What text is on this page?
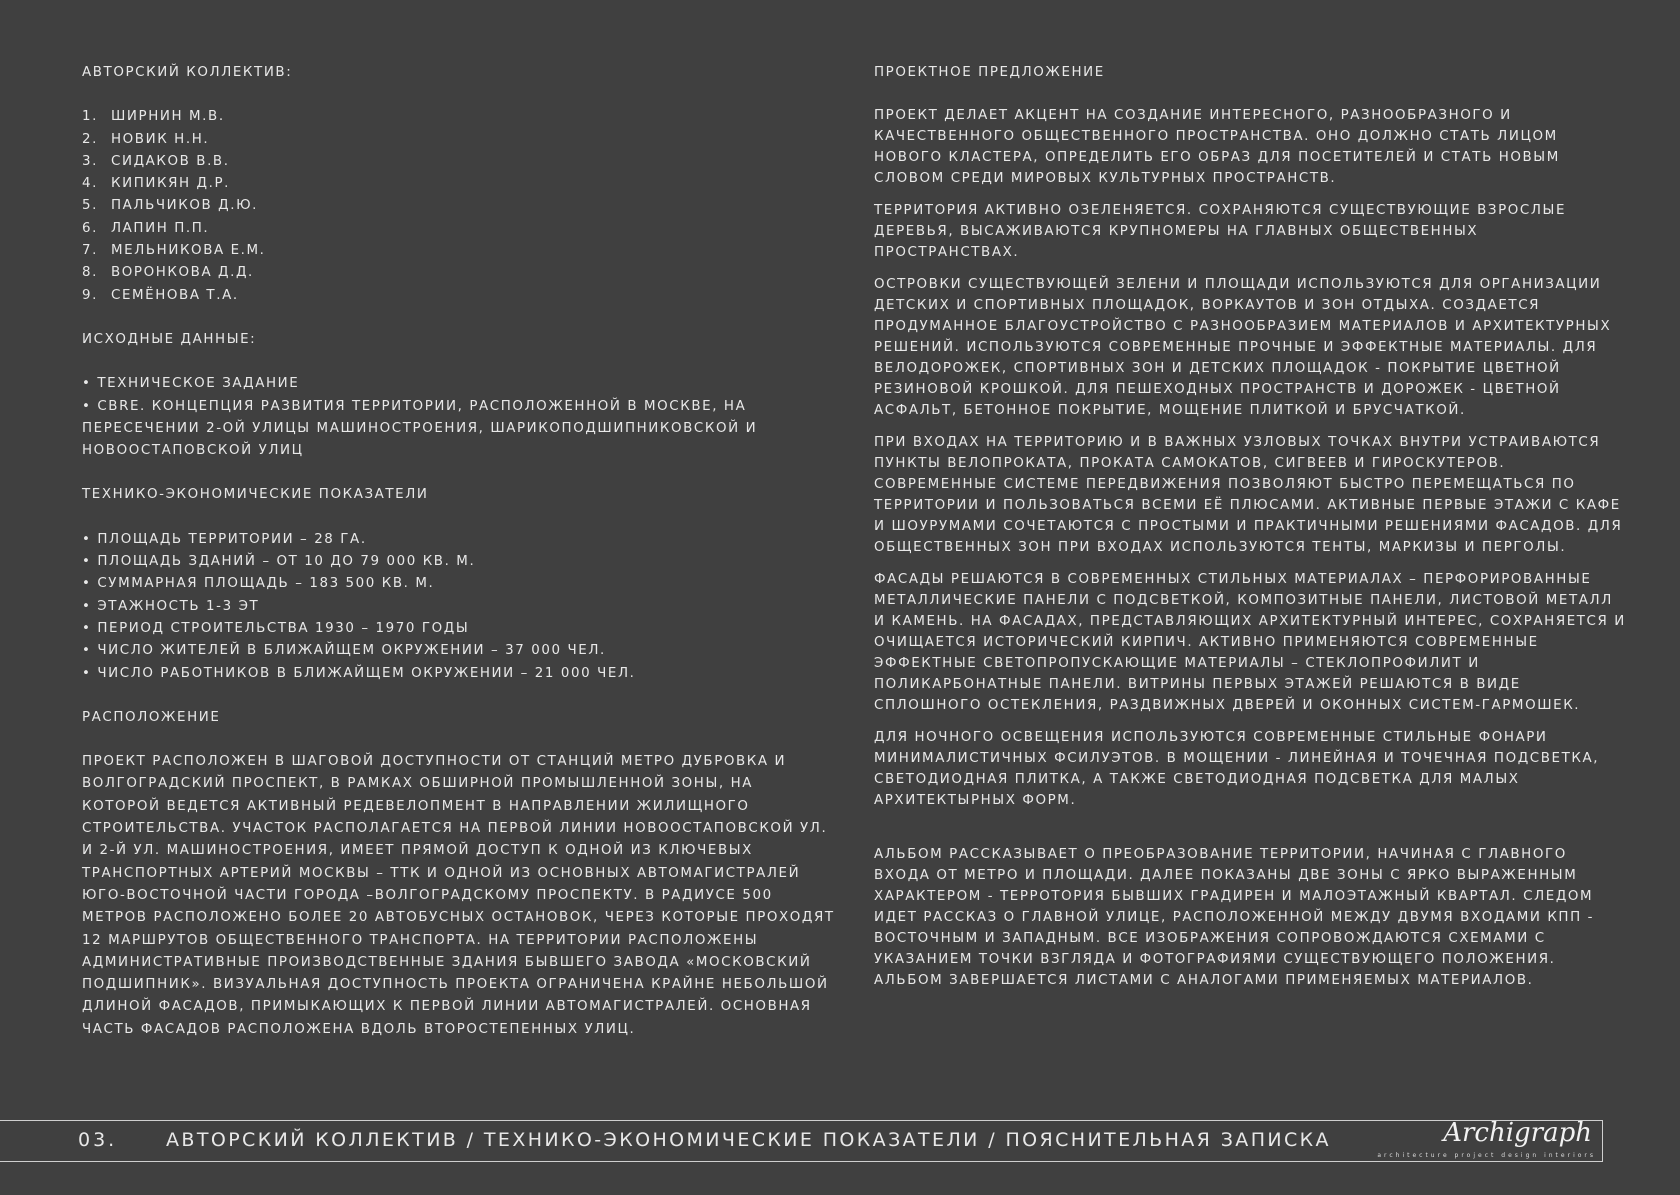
АВТОРСКИЙ КОЛЛЕКТИВ:

1. ШИРНИН М.В.
2. НОВИК Н.Н.
3. СИДАКОВ В.В.
4. КИПИКЯН Д.Р.
5. ПАЛЬЧИКОВ Д.Ю.
6. ЛАПИН П.П.
7. МЕЛЬНИКОВА Е.М.
8. ВОРОНКОВА Д.Д.
9. СЕМЁНОВА Т.А.

ИСХОДНЫЕ ДАННЫЕ:

• ТЕХНИЧЕСКОЕ ЗАДАНИЕ
• CBRE. КОНЦЕПЦИЯ РАЗВИТИЯ ТЕРРИТОРИИ, РАСПОЛОЖЕННОЙ В МОСКВЕ, НА ПЕРЕСЕЧЕНИИ 2-ОЙ УЛИЦЫ МАШИНОСТРОЕНИЯ, ШАРИКОПОДШИПНИКОВСКОЙ И НОВООСТАПОВСКОЙ УЛИЦ

ТЕХНИКО-ЭКОНОМИЧЕСКИЕ ПОКАЗАТЕЛИ

• ПЛОЩАДЬ ТЕРРИТОРИИ – 28 ГА.
• ПЛОЩАДЬ ЗДАНИЙ – ОТ 10 ДО 79 000 КВ. М.
• СУММАРНАЯ ПЛОЩАДЬ – 183 500 КВ. М.
• ЭТАЖНОСТЬ 1-3 ЭТ
• ПЕРИОД СТРОИТЕЛЬСТВА 1930 – 1970 ГОДЫ
• ЧИСЛО ЖИТЕЛЕЙ В БЛИЖАЙЩЕМ ОКРУЖЕНИИ – 37 000 ЧЕЛ.
• ЧИСЛО РАБОТНИКОВ В БЛИЖАЙЩЕМ ОКРУЖЕНИИ – 21 000 ЧЕЛ.

РАСПОЛОЖЕНИЕ

ПРОЕКТ РАСПОЛОЖЕН В ШАГОВОЙ ДОСТУПНОСТИ ОТ СТАНЦИЙ МЕТРО ДУБРОВКА И ВОЛГОГРАДСКИЙ ПРОСПЕКТ, В РАМКАХ ОБШИРНОЙ ПРОМЫШЛЕННОЙ ЗОНЫ, НА КОТОРОЙ ВЕДЕТСЯ АКТИВНЫЙ РЕДЕВЕЛОПМЕНТ В НАПРАВЛЕНИИ ЖИЛИЩНОГО СТРОИТЕЛЬСТВА. УЧАСТОК РАСПОЛАГАЕТСЯ НА ПЕРВОЙ ЛИНИИ НОВООСТАПОВСКОЙ УЛ. И 2-Й УЛ. МАШИНОСТРОЕНИЯ, ИМЕЕТ ПРЯМОЙ ДОСТУП К ОДНОЙ ИЗ КЛЮЧЕВЫХ ТРАНСПОРТНЫХ АРТЕРИЙ МОСКВЫ – ТТК И ОДНОЙ ИЗ ОСНОВНЫХ АВТОМАГИСТРАЛЕЙ ЮГО-ВОСТОЧНОЙ ЧАСТИ ГОРОДА –ВОЛГОГРАДСКОМУ ПРОСПЕКТУ. В РАДИУСЕ 500 МЕТРОВ РАСПОЛОЖЕНО БОЛЕЕ 20 АВТОБУСНЫХ ОСТАНОВОК, ЧЕРЕЗ КОТОРЫЕ ПРОХОДЯТ 12 МАРШРУТОВ ОБЩЕСТВЕННОГО ТРАНСПОРТА. НА ТЕРРИТОРИИ РАСПОЛОЖЕНЫ АДМИНИСТРАТИВНЫЕ ПРОИЗВОДСТВЕННЫЕ ЗДАНИЯ БЫВШЕГО ЗАВОДА «МОСКОВСКИЙ ПОДШИПНИК». ВИЗУАЛЬНАЯ ДОСТУПНОСТЬ ПРОЕКТА ОГРАНИЧЕНА КРАЙНЕ НЕБОЛЬШОЙ ДЛИНОЙ ФАСАДОВ, ПРИМЫКАЮЩИХ К ПЕРВОЙ ЛИНИИ АВТОМАГИСТРАЛЕЙ. ОСНОВНАЯ ЧАСТЬ ФАСАДОВ РАСПОЛОЖЕНА ВДОЛЬ ВТОРОСТЕПЕННЫХ УЛИЦ.

ПРОЕКТНОЕ ПРЕДЛОЖЕНИЕ

ПРОЕКТ ДЕЛАЕТ АКЦЕНТ НА СОЗДАНИЕ ИНТЕРЕСНОГО, РАЗНООБРАЗНОГО И КАЧЕСТВЕННОГО ОБЩЕСТВЕННОГО ПРОСТРАНСТВА. ОНО ДОЛЖНО СТАТЬ ЛИЦОМ НОВОГО КЛАСТЕРА, ОПРЕДЕЛИТЬ ЕГО ОБРАЗ ДЛЯ ПОСЕТИТЕЛЕЙ И СТАТЬ НОВЫМ СЛОВОМ СРЕДИ МИРОВЫХ КУЛЬТУРНЫХ ПРОСТРАНСТВ.

ТЕРРИТОРИЯ АКТИВНО ОЗЕЛЕНЯЕТСЯ. СОХРАНЯЮТСЯ СУЩЕСТВУЮЩИЕ ВЗРОСЛЫЕ ДЕРЕВЬЯ, ВЫСАЖИВАЮТСЯ КРУПНОМЕРЫ НА ГЛАВНЫХ ОБЩЕСТВЕННЫХ ПРОСТРАНСТВАХ.

ОСТРОВКИ СУЩЕСТВУЮЩЕЙ ЗЕЛЕНИ И ПЛОЩАДИ ИСПОЛЬЗУЮТСЯ ДЛЯ ОРГАНИЗАЦИИ ДЕТСКИХ И СПОРТИВНЫХ ПЛОЩАДОК, ВОРКАУТОВ И ЗОН ОТДЫХА. СОЗДАЕТСЯ ПРОДУМАННОЕ БЛАГОУСТРОЙСТВО С РАЗНООБРАЗИЕМ МАТЕРИАЛОВ И АРХИТЕКТУРНЫХ РЕШЕНИЙ. ИСПОЛЬЗУЮТСЯ СОВРЕМЕННЫЕ ПРОЧНЫЕ И ЭФФЕКТНЫЕ МАТЕРИАЛЫ. ДЛЯ ВЕЛОДОРОЖЕК, СПОРТИВНЫХ ЗОН И ДЕТСКИХ ПЛОЩАДОК - ПОКРЫТИЕ ЦВЕТНОЙ РЕЗИНОВОЙ КРОШКОЙ. ДЛЯ ПЕШЕХОДНЫХ ПРОСТРАНСТВ И ДОРОЖЕК - ЦВЕТНОЙ АСФАЛЬТ, БЕТОННОЕ ПОКРЫТИЕ, МОЩЕНИЕ ПЛИТКОЙ И БРУСЧАТКОЙ.

ПРИ ВХОДАХ НА ТЕРРИТОРИЮ И В ВАЖНЫХ УЗЛОВЫХ ТОЧКАХ ВНУТРИ УСТРАИВАЮТСЯ ПУНКТЫ ВЕЛОПРОКАТА, ПРОКАТА САМОКАТОВ, СИГВЕЕВ И ГИРОСКУТЕРОВ. СОВРЕМЕННЫЕ СИСТЕМЕ ПЕРЕДВИЖЕНИЯ ПОЗВОЛЯЮТ БЫСТРО ПЕРЕМЕЩАТЬСЯ ПО ТЕРРИТОРИИ И ПОЛЬЗОВАТЬСЯ ВСЕМИ ЕЁ ПЛЮСАМИ. АКТИВНЫЕ ПЕРВЫЕ ЭТАЖИ С КАФЕ И ШОУРУМАМИ СОЧЕТАЮТСЯ С ПРОСТЫМИ И ПРАКТИЧНЫМИ РЕШЕНИЯМИ ФАСАДОВ. ДЛЯ ОБЩЕСТВЕННЫХ ЗОН ПРИ ВХОДАХ ИСПОЛЬЗУЮТСЯ ТЕНТЫ, МАРКИЗЫ И ПЕРГОЛЫ.

ФАСАДЫ РЕШАЮТСЯ В СОВРЕМЕННЫХ СТИЛЬНЫХ МАТЕРИАЛАХ – ПЕРФОРИРОВАННЫЕ МЕТАЛЛИЧЕСКИЕ ПАНЕЛИ С ПОДСВЕТКОЙ, КОМПОЗИТНЫЕ ПАНЕЛИ, ЛИСТОВОЙ МЕТАЛЛ И КАМЕНЬ. НА ФАСАДАХ, ПРЕДСТАВЛЯЮЩИХ АРХИТЕКТУРНЫЙ ИНТЕРЕС, СОХРАНЯЕТСЯ И ОЧИЩАЕТСЯ ИСТОРИЧЕСКИЙ КИРПИЧ. АКТИВНО ПРИМЕНЯЮТСЯ СОВРЕМЕННЫЕ ЭФФЕКТНЫЕ СВЕТОПРОПУСКАЮЩИЕ МАТЕРИАЛЫ – СТЕКЛОПРОФИЛИТ И ПОЛИКАРБОНАТНЫЕ ПАНЕЛИ. ВИТРИНЫ ПЕРВЫХ ЭТАЖЕЙ РЕШАЮТСЯ В ВИДЕ СПЛОШНОГО ОСТЕКЛЕНИЯ, РАЗДВИЖНЫХ ДВЕРЕЙ И ОКОННЫХ СИСТЕМ-ГАРМОШЕК.

ДЛЯ НОЧНОГО ОСВЕЩЕНИЯ ИСПОЛЬЗУЮТСЯ СОВРЕМЕННЫЕ СТИЛЬНЫЕ ФОНАРИ МИНИМАЛИСТИЧНЫХ ФСИЛУЭТОВ. В МОЩЕНИИ - ЛИНЕЙНАЯ И ТОЧЕЧНАЯ ПОДСВЕТКА, СВЕТОДИОДНАЯ ПЛИТКА, А ТАКЖЕ СВЕТОДИОДНАЯ ПОДСВЕТКА ДЛЯ МАЛЫХ АРХИТЕКТЫРНЫХ ФОРМ.

АЛЬБОМ РАССКАЗЫВАЕТ О ПРЕОБРАЗОВАНИЕ ТЕРРИТОРИИ, НАЧИНАЯ С ГЛАВНОГО ВХОДА ОТ МЕТРО И ПЛОЩАДИ. ДАЛЕЕ ПОКАЗАНЫ ДВЕ ЗОНЫ С ЯРКО ВЫРАЖЕННЫМ ХАРАКТЕРОМ - ТЕРРОТОРИЯ БЫВШИХ ГРАДИРЕН И МАЛОЭТАЖНЫЙ КВАРТАЛ. СЛЕДОМ ИДЕТ РАССКАЗ О ГЛАВНОЙ УЛИЦЕ, РАСПОЛОЖЕННОЙ МЕЖДУ ДВУМЯ ВХОДАМИ КПП - ВОСТОЧНЫМ И ЗАПАДНЫМ. ВСЕ ИЗОБРАЖЕНИЯ СОПРОВОЖДАЮТСЯ СХЕМАМИ С УКАЗАНИЕМ ТОЧКИ ВЗГЛЯДА И ФОТОГРАФИЯМИ СУЩЕСТВУЮЩЕГО ПОЛОЖЕНИЯ. АЛЬБОМ ЗАВЕРШАЕТСЯ ЛИСТАМИ С АНАЛОГАМИ ПРИМЕНЯЕМЫХ МАТЕРИАЛОВ.

03.	АВТОРСКИЙ КОЛЛЕКТИВ / ТЕХНИКО-ЭКОНОМИЧЕСКИЕ ПОКАЗАТЕЛИ / ПОЯСНИТЕЛЬНАЯ ЗАПИСКА	Archigraph
architecture project design interiors
